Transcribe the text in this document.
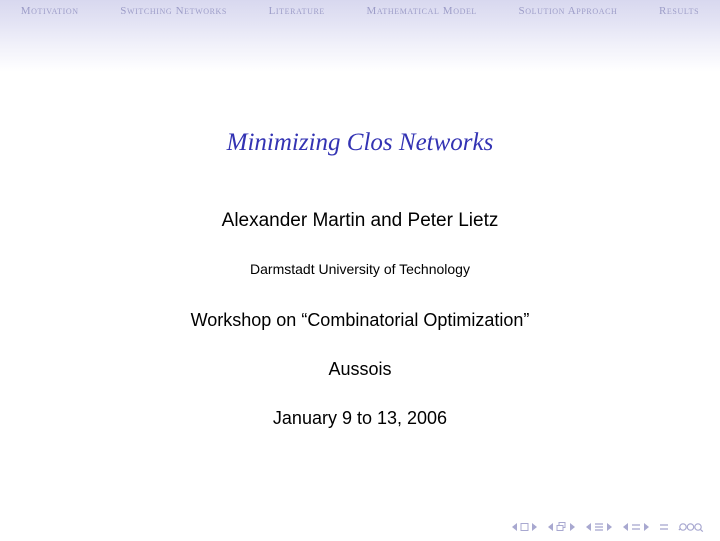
Motivation	Switching Networks	Literature	Mathematical Model	Solution Approach	Results
Minimizing Clos Networks
Alexander Martin and Peter Lietz
Darmstadt University of Technology
Workshop on “Combinatorial Optimization”
Aussois
January 9 to 13, 2006
